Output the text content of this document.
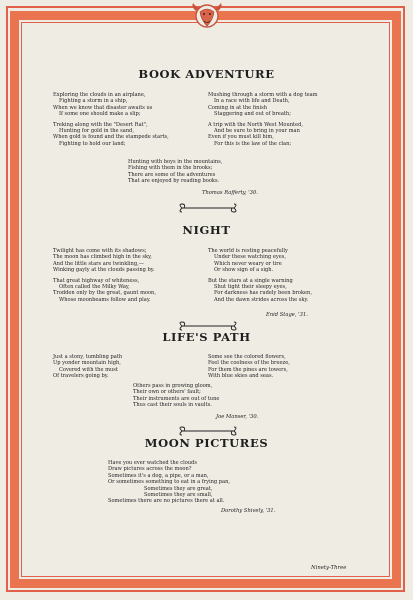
BOOK ADVENTURE
Exploring the clouds in an airplane,
Fighting a storm in a ship,
When we know that disaster awaits us
If some one should make a slip;
Treking along with the "Desert Rat",
Hunting for gold in the sand,
When gold is found and the stampede starts,
Fighting to hold our land;
Mushing through a storm with a dog team
In a race with life and Death,
Coming in at the finish
Staggering and out of breath;
A trip with the North West Mounted,
And be sure to bring in your man
Even if you must kill him,
For this is the law of the clan;
Hunting with boys in the mountains,
Fishing with them in the brooks;
There are some of the adventures
That are enjoyed by reading books.
Thomas Rafferty, '30.
NIGHT
Twilight has come with its shadows;
The moon has climbed high in the sky,
And the little stars are twinkling,—
Winking gayly at the clouds passing by.
That great highway of whiteness,
Often called the Milky Way,
Trodden only by the great, gaunt moon,
Whose moonbeams follow and play.
The world is resting peacefully
Under these watching eyes,
Which never weary or tire
Or show sign of a sigh.
But the stars at a single warning
Shut tight their sleepy eyes,
For darkness has rudely been broken,
And the dawn strides across the sky.
Enid Stage, '31.
LIFE'S PATH
Just a stony, tumbling path
Up yonder mountain high,
Covered with the must
Of travelers going by.
Some see the colored flowers,
Feel the coolness of the breeze,
For them the pines are towers,
With blue skies and seas.
Others pass in growing gloom,
Their own or others' fault;
Their instruments are out of tune
Thus cast their souls in vaults.
Joe Manser, '30.
MOON PICTURES
Have you ever watched the clouds
Draw pictures across the moon?
Sometimes it's a dog, a pipe, or a man,
Or sometimes something to eat in a frying pan,
Sometimes they are great,
Sometimes they are small,
Sometimes there are no pictures there at all.
Dorothy Shively, '31.
Ninety-Three
